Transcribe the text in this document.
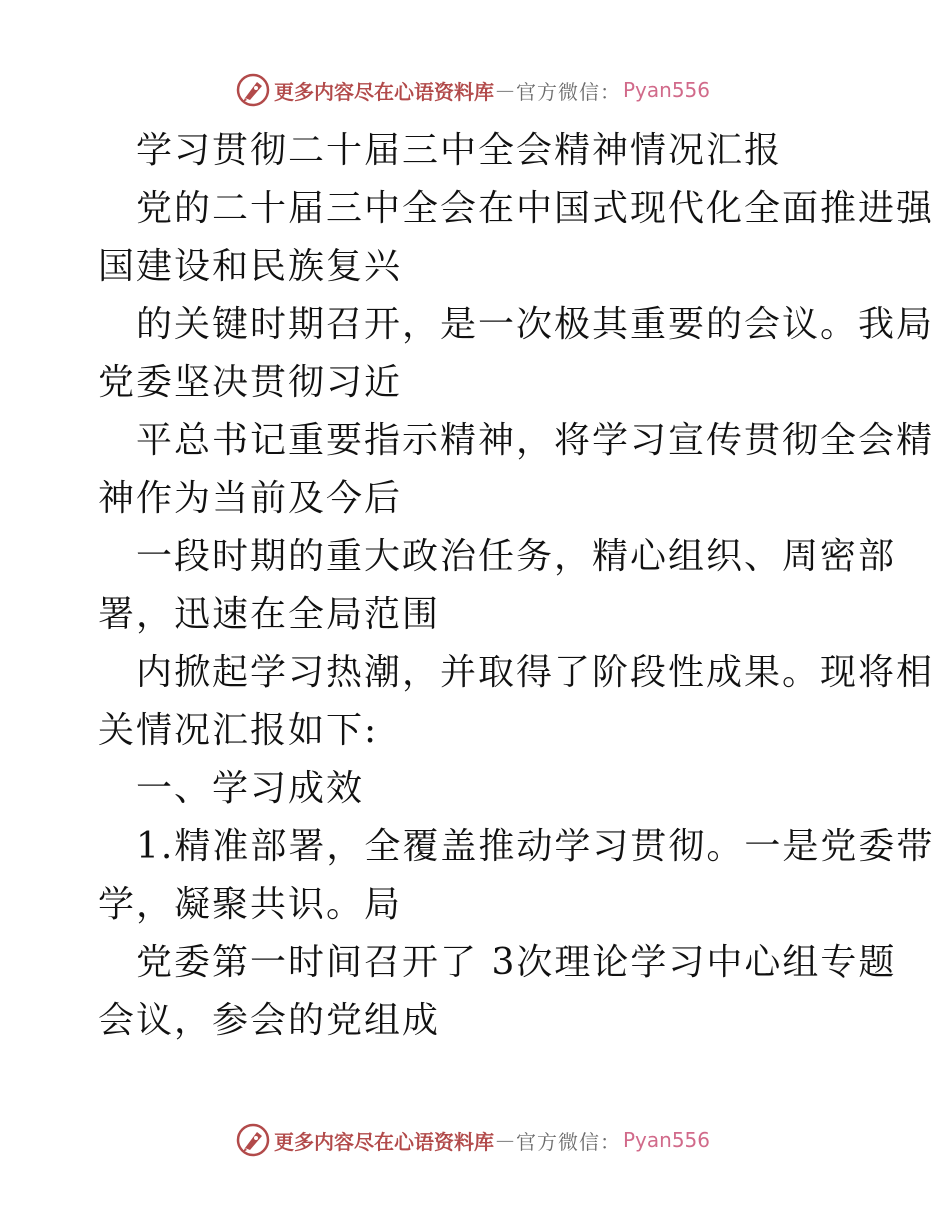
更多内容尽在心语资料库 — 官方微信： Pyan556
学习贯彻二十届三中全会精神情况汇报
党的二十届三中全会在中国式现代化全面推进强
国建设和民族复兴
的关键时期召开，是一次极其重要的会议。我局
党委坚决贯彻习近
平总书记重要指示精神，将学习宣传贯彻全会精
神作为当前及今后
一段时期的重大政治任务，精心组织、周密部
署，迅速在全局范围
内掀起学习热潮，并取得了阶段性成果。现将相
关情况汇报如下:
一、学习成效
1.精准部署，全覆盖推动学习贯彻。一是党委带
学，凝聚共识。局
党委第一时间召开了 3次理论学习中心组专题
会议，参会的党组成
更多内容尽在心语资料库 — 官方微信： Pyan556
